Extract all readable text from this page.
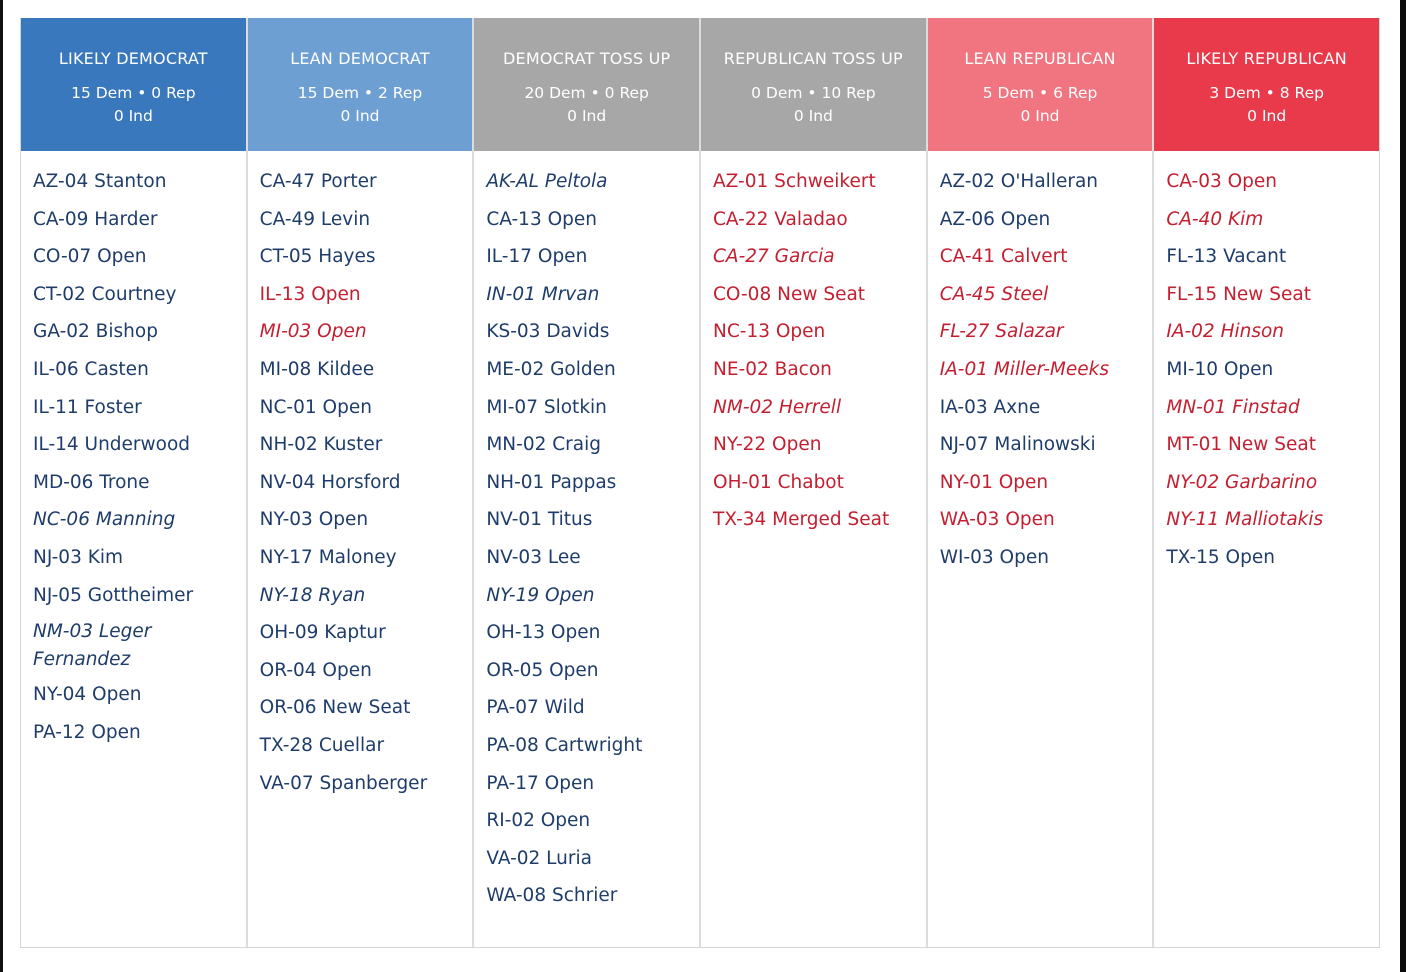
LIKELY DEMOCRAT
15 Dem • 0 Rep
0 Ind
AZ-04 Stanton
CA-09 Harder
CO-07 Open
CT-02 Courtney
GA-02 Bishop
IL-06 Casten
IL-11 Foster
IL-14 Underwood
MD-06 Trone
NC-06 Manning
NJ-03 Kim
NJ-05 Gottheimer
NM-03 Leger Fernandez
NY-04 Open
PA-12 Open
LEAN DEMOCRAT
15 Dem • 2 Rep
0 Ind
CA-47 Porter
CA-49 Levin
CT-05 Hayes
IL-13 Open
MI-03 Open
MI-08 Kildee
NC-01 Open
NH-02 Kuster
NV-04 Horsford
NY-03 Open
NY-17 Maloney
NY-18 Ryan
OH-09 Kaptur
OR-04 Open
OR-06 New Seat
TX-28 Cuellar
VA-07 Spanberger
DEMOCRAT TOSS UP
20 Dem • 0 Rep
0 Ind
AK-AL Peltola
CA-13 Open
IL-17 Open
IN-01 Mrvan
KS-03 Davids
ME-02 Golden
MI-07 Slotkin
MN-02 Craig
NH-01 Pappas
NV-01 Titus
NV-03 Lee
NY-19 Open
OH-13 Open
OR-05 Open
PA-07 Wild
PA-08 Cartwright
PA-17 Open
RI-02 Open
VA-02 Luria
WA-08 Schrier
REPUBLICAN TOSS UP
0 Dem • 10 Rep
0 Ind
AZ-01 Schweikert
CA-22 Valadao
CA-27 Garcia
CO-08 New Seat
NC-13 Open
NE-02 Bacon
NM-02 Herrell
NY-22 Open
OH-01 Chabot
TX-34 Merged Seat
LEAN REPUBLICAN
5 Dem • 6 Rep
0 Ind
AZ-02 O'Halleran
AZ-06 Open
CA-41 Calvert
CA-45 Steel
FL-27 Salazar
IA-01 Miller-Meeks
IA-03 Axne
NJ-07 Malinowski
NY-01 Open
WA-03 Open
WI-03 Open
LIKELY REPUBLICAN
3 Dem • 8 Rep
0 Ind
CA-03 Open
CA-40 Kim
FL-13 Vacant
FL-15 New Seat
IA-02 Hinson
MI-10 Open
MN-01 Finstad
MT-01 New Seat
NY-02 Garbarino
NY-11 Malliotakis
TX-15 Open
